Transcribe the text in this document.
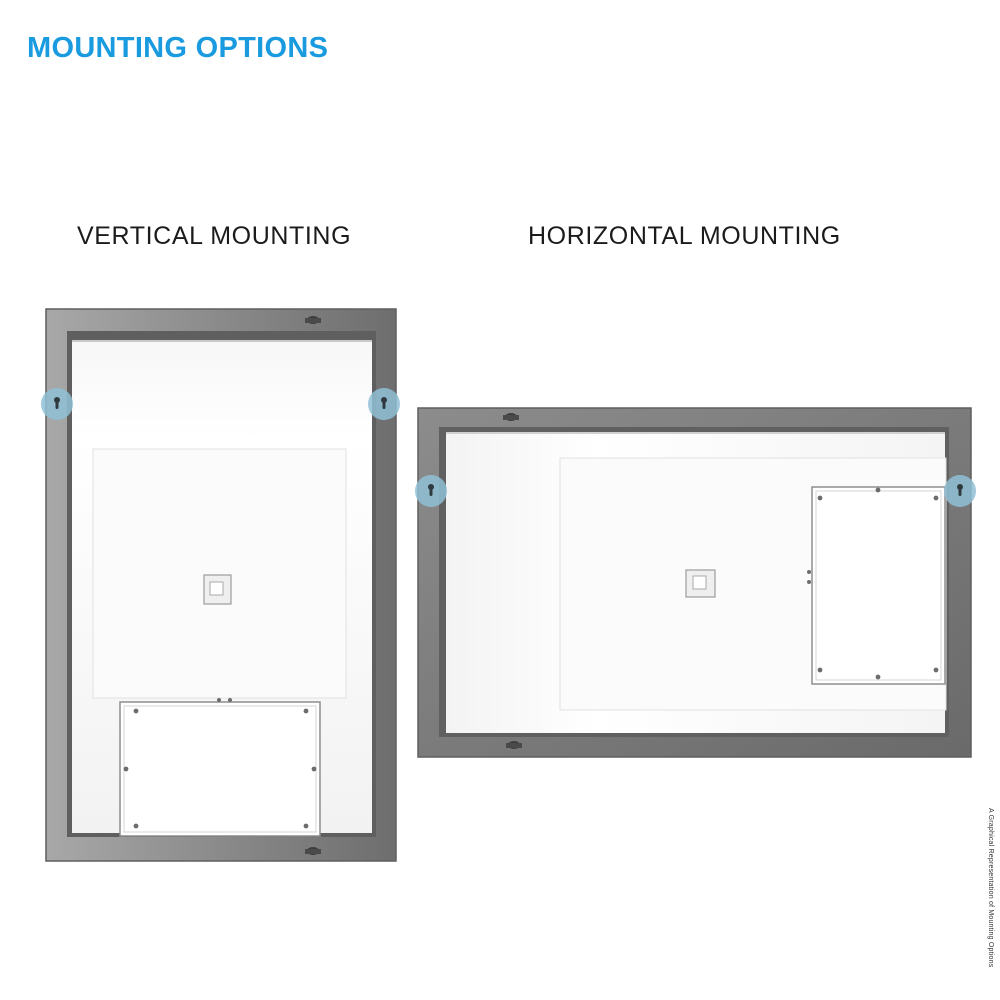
MOUNTING OPTIONS
VERTICAL MOUNTING	HORIZONTAL MOUNTING
A Graphical Representation of Mounting Options
